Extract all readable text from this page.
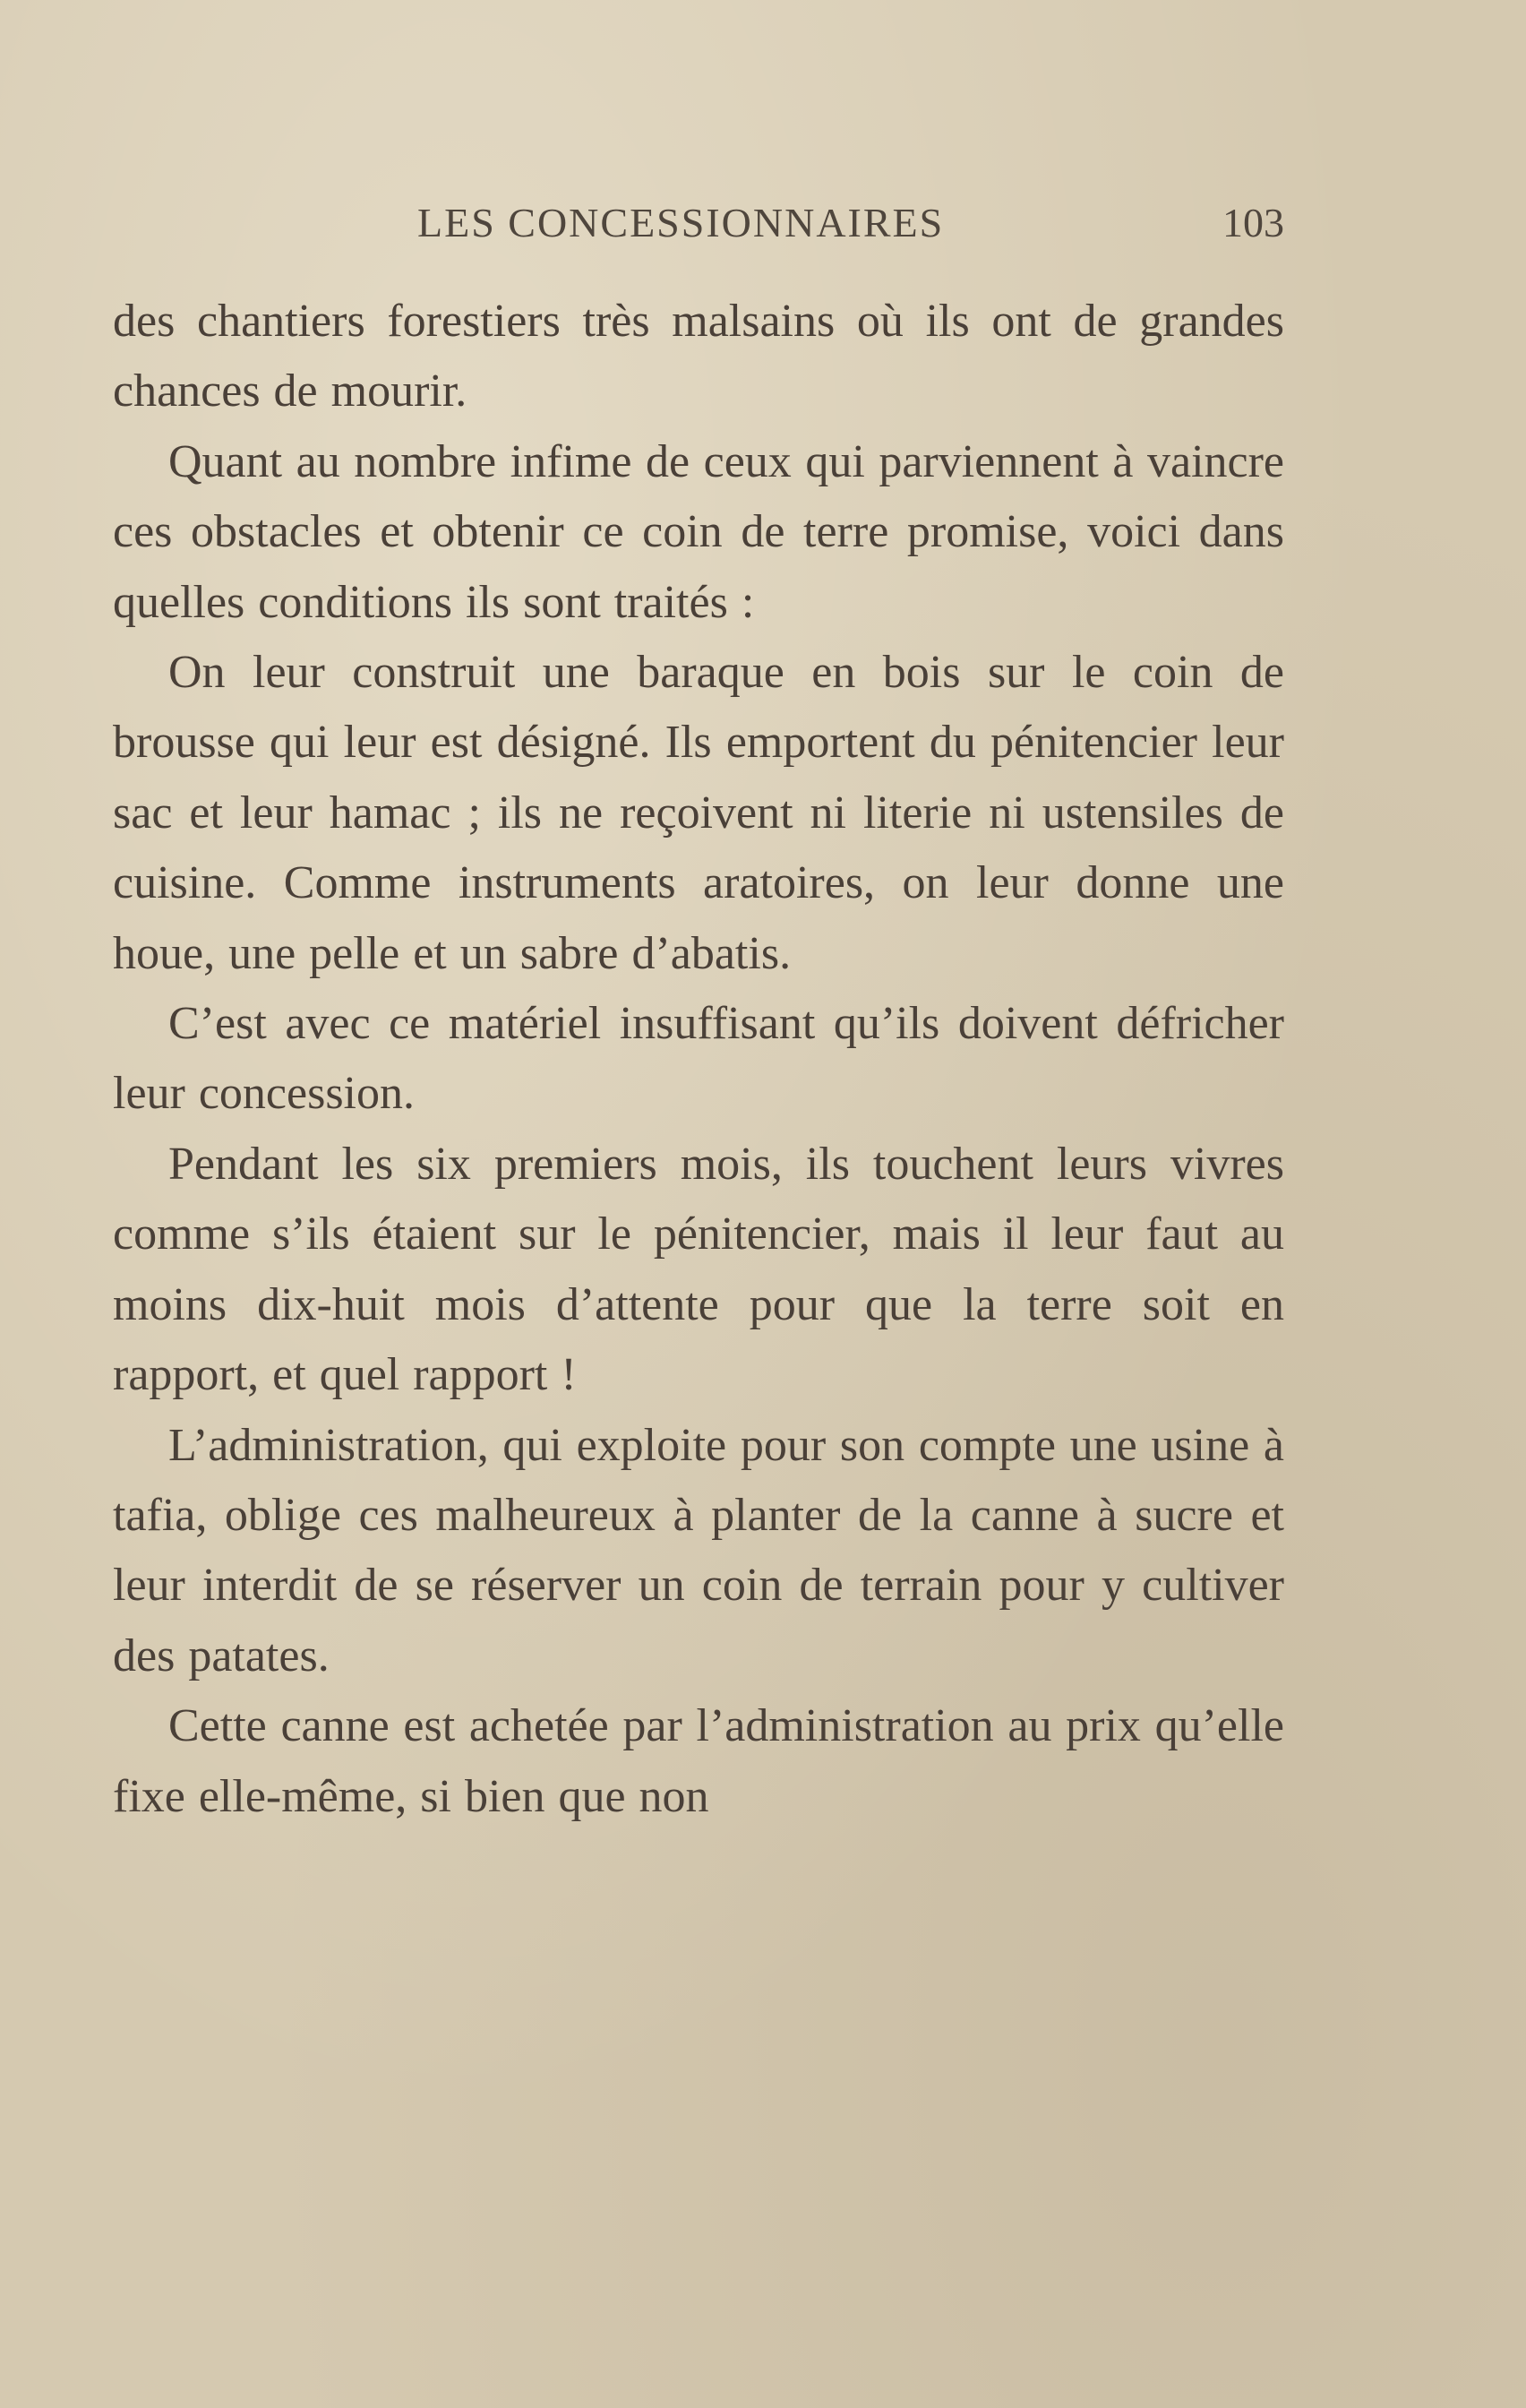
LES CONCESSIONNAIRES	103

des chantiers forestiers très malsains où ils ont de grandes chances de mourir.

Quant au nombre infime de ceux qui parviennent à vaincre ces obstacles et obtenir ce coin de terre promise, voici dans quelles conditions ils sont traités :

On leur construit une baraque en bois sur le coin de brousse qui leur est désigné. Ils emportent du pénitencier leur sac et leur hamac ; ils ne reçoivent ni literie ni ustensiles de cuisine. Comme instruments aratoires, on leur donne une houe, une pelle et un sabre d’abatis.

C’est avec ce matériel insuffisant qu’ils doivent défricher leur concession.

Pendant les six premiers mois, ils touchent leurs vivres comme s’ils étaient sur le pénitencier, mais il leur faut au moins dix-huit mois d’attente pour que la terre soit en rapport, et quel rapport !

L’administration, qui exploite pour son compte une usine à tafia, oblige ces malheureux à planter de la canne à sucre et leur interdit de se réserver un coin de terrain pour y cultiver des patates.

Cette canne est achetée par l’administration au prix qu’elle fixe elle-même, si bien que non
